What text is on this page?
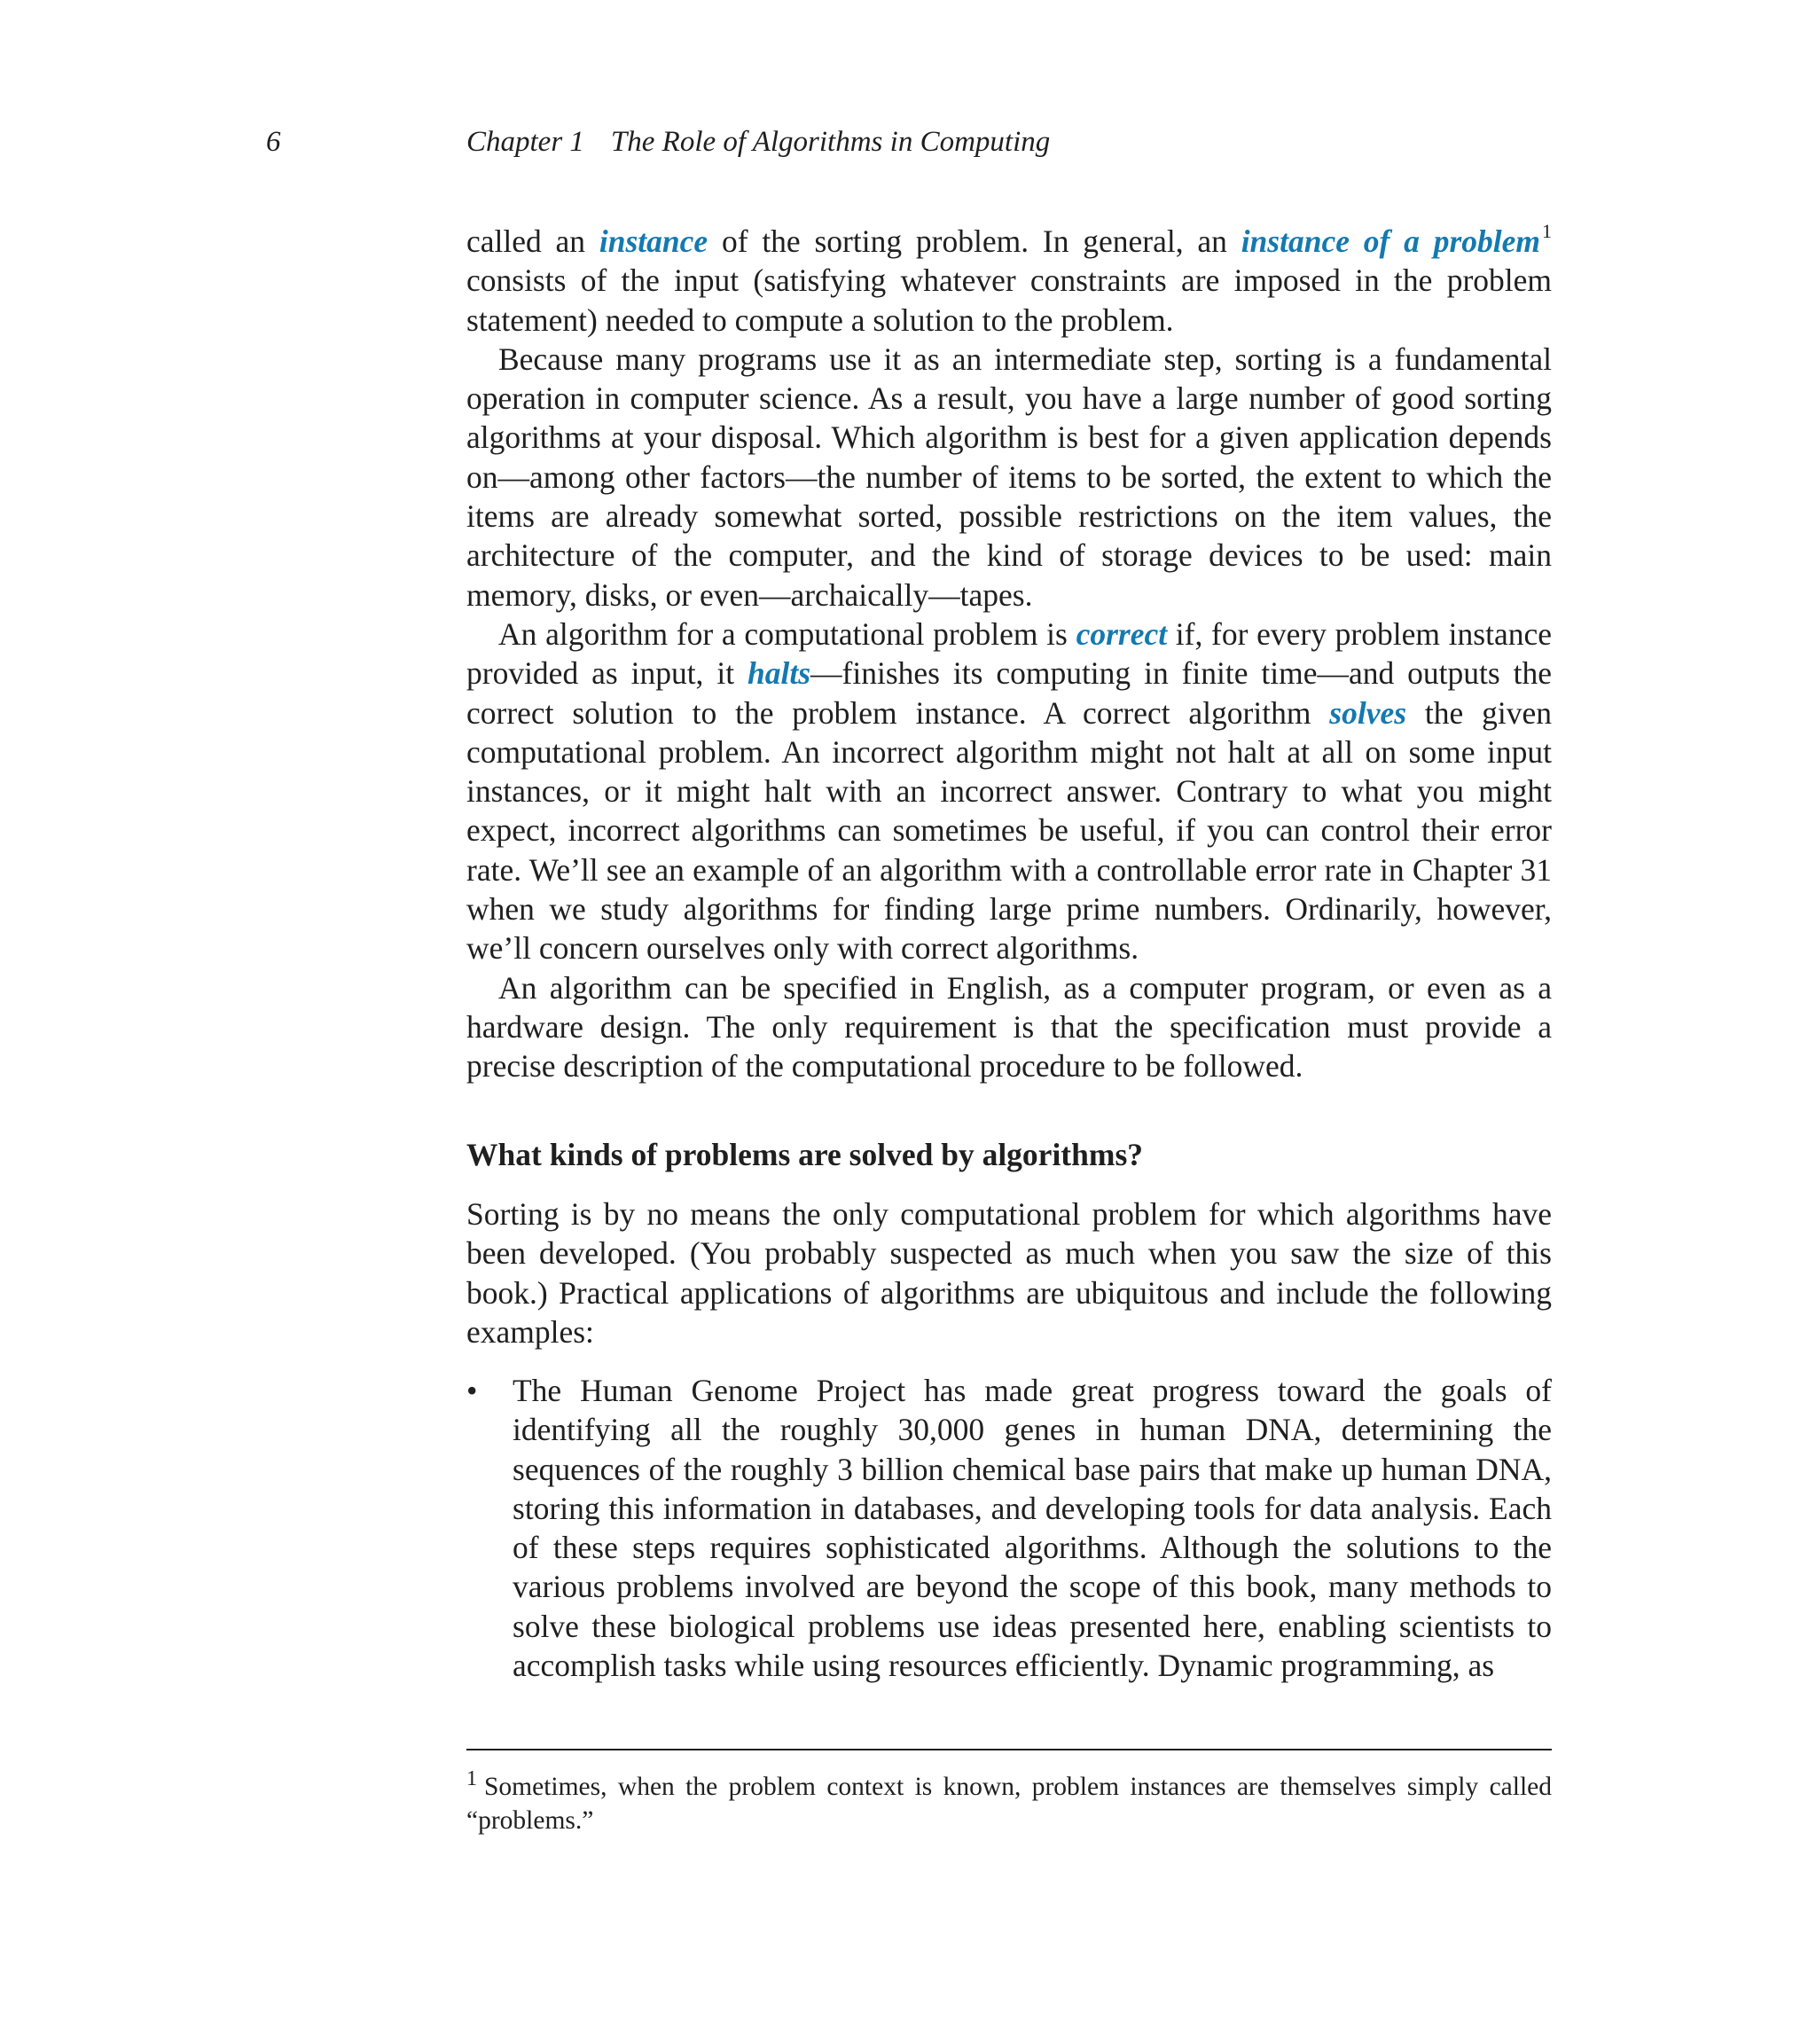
6	Chapter 1 The Role of Algorithms in Computing

called an instance of the sorting problem. In general, an instance of a problem$^1$ consists of the input (satisfying whatever constraints are imposed in the problem statement) needed to compute a solution to the problem.

Because many programs use it as an intermediate step, sorting is a fundamental operation in computer science. As a result, you have a large number of good sorting algorithms at your disposal. Which algorithm is best for a given application depends on—among other factors—the number of items to be sorted, the extent to which the items are already somewhat sorted, possible restrictions on the item values, the architecture of the computer, and the kind of storage devices to be used: main memory, disks, or even—archaically—tapes.

An algorithm for a computational problem is correct if, for every problem instance provided as input, it halts—finishes its computing in finite time—and outputs the correct solution to the problem instance. A correct algorithm solves the given computational problem. An incorrect algorithm might not halt at all on some input instances, or it might halt with an incorrect answer. Contrary to what you might expect, incorrect algorithms can sometimes be useful, if you can control their error rate. We’ll see an example of an algorithm with a controllable error rate in Chapter 31 when we study algorithms for finding large prime numbers. Ordinarily, however, we’ll concern ourselves only with correct algorithms.

An algorithm can be specified in English, as a computer program, or even as a hardware design. The only requirement is that the specification must provide a precise description of the computational procedure to be followed.

What kinds of problems are solved by algorithms?

Sorting is by no means the only computational problem for which algorithms have been developed. (You probably suspected as much when you saw the size of this book.) Practical applications of algorithms are ubiquitous and include the following examples:

• The Human Genome Project has made great progress toward the goals of identifying all the roughly 30,000 genes in human DNA, determining the sequences of the roughly 3 billion chemical base pairs that make up human DNA, storing this information in databases, and developing tools for data analysis. Each of these steps requires sophisticated algorithms. Although the solutions to the various problems involved are beyond the scope of this book, many methods to solve these biological problems use ideas presented here, enabling scientists to accomplish tasks while using resources efficiently. Dynamic programming, as

$^1$ Sometimes, when the problem context is known, problem instances are themselves simply called “problems.”
